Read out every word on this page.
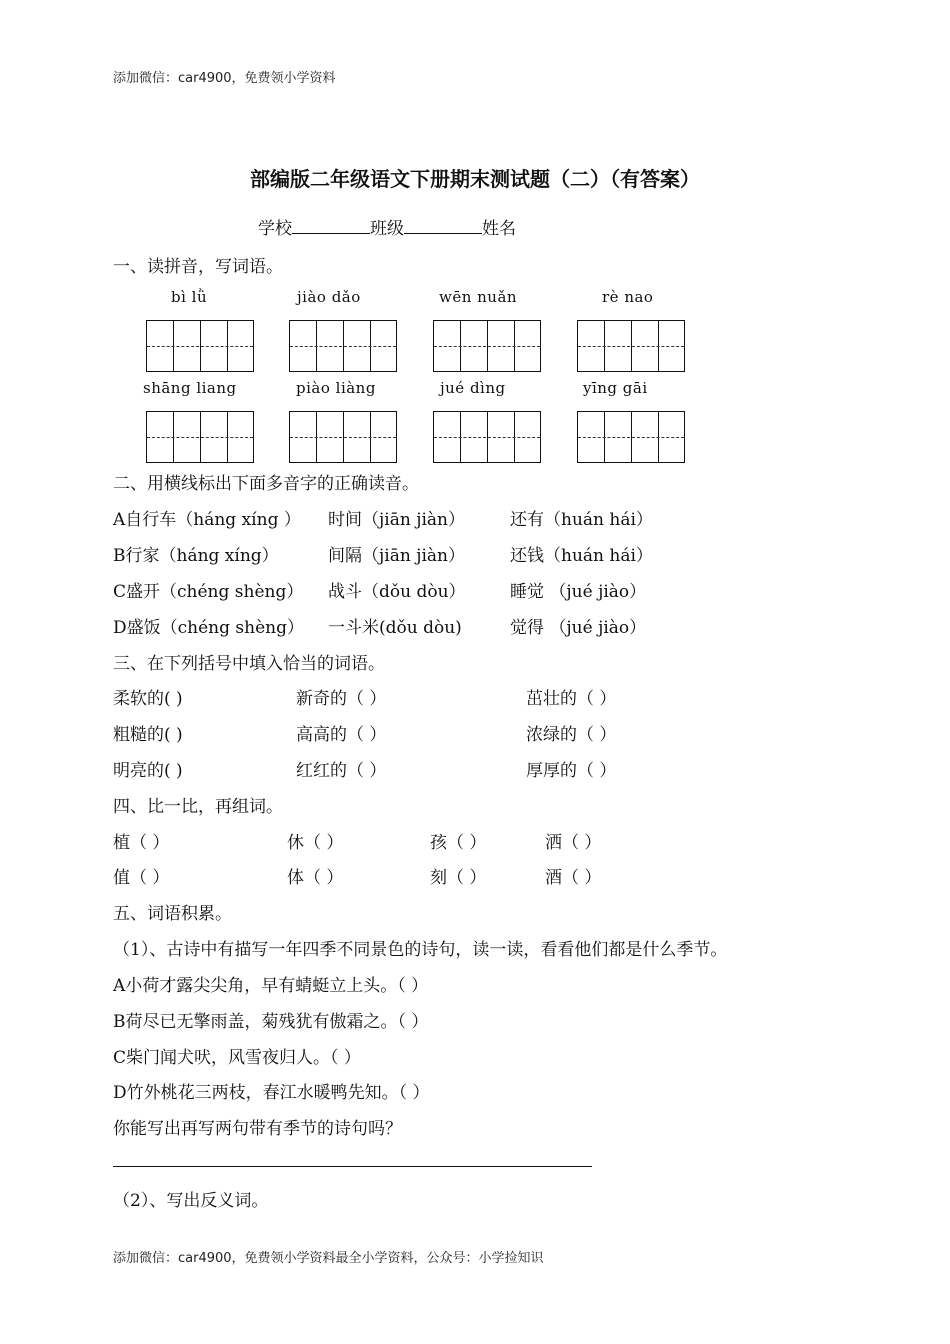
添加微信：car4900，免费领小学资料
部编版二年级语文下册期末测试题（二）（有答案）
学校	班级	姓名
一、读拼音，写词语。
bì lǜ	jiào dǎo	wēn nuǎn	rè nao
shāng liang	piào liàng	jué dìng	yīng gāi
二、用横线标出下面多音字的正确读音。
A自行车（háng xíng ） 时间（jiān jiàn）	还有（huán hái）
B行家（háng xíng）	间隔（jiān jiàn）	还钱（huán hái）
C盛开（chéng shèng） 战斗（dǒu dòu）	睡觉 （jué jiào）
D盛饭（chéng shèng） 一斗米(dǒu dòu)	觉得 （jué jiào）
三、在下列括号中填入恰当的词语。
柔软的( )	新奇的（ ）	茁壮的（ ）
粗糙的( )	高高的（ ）	浓绿的（ ）
明亮的( )	红红的（ ）	厚厚的（ ）
四、比一比，再组词。
植（ ）	休（ ）	孩（ ）	洒（ ）
值（ ）	体（ ）	刻（ ）	酒（ ）
五、词语积累。
（1）、古诗中有描写一年四季不同景色的诗句，读一读，看看他们都是什么季节。
A小荷才露尖尖角，早有蜻蜓立上头。（ ）
B荷尽已无擎雨盖，菊残犹有傲霜之。（ ）
C柴门闻犬吠，风雪夜归人。（ ）
D竹外桃花三两枝，春江水暖鸭先知。（ ）
你能写出再写两句带有季节的诗句吗？
（2）、写出反义词。
添加微信：car4900，免费领小学资料最全小学资料，公众号：小学捡知识
